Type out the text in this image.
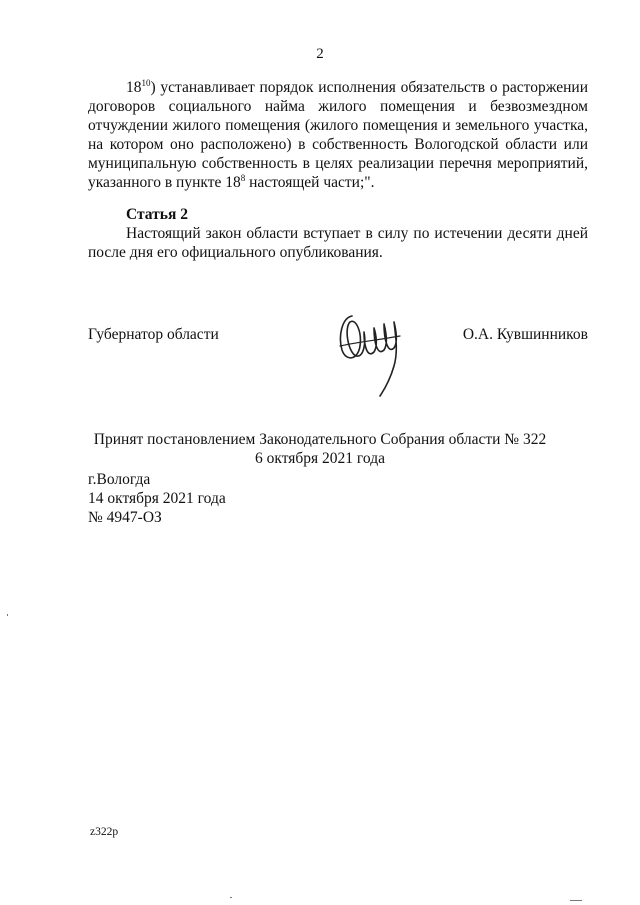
2
$18^{10}$) устанавливает порядок исполнения обязательств о расторжении договоров социального найма жилого помещения и безвозмездном отчуждении жилого помещения (жилого помещения и земельного участка, на котором оно расположено) в собственность Вологодской области или муниципальную собственность в целях реализации перечня мероприятий, указанного в пункте $18^8$ настоящей части;".
Статья 2
Настоящий закон области вступает в силу по истечении десяти дней после дня его официального опубликования.
Губернатор области	О.А. Кувшинников
Принят постановлением Законодательного Собрания области № 322
6 октября 2021 года
г.Вологда
14 октября 2021 года
№ 4947-ОЗ
z322p
